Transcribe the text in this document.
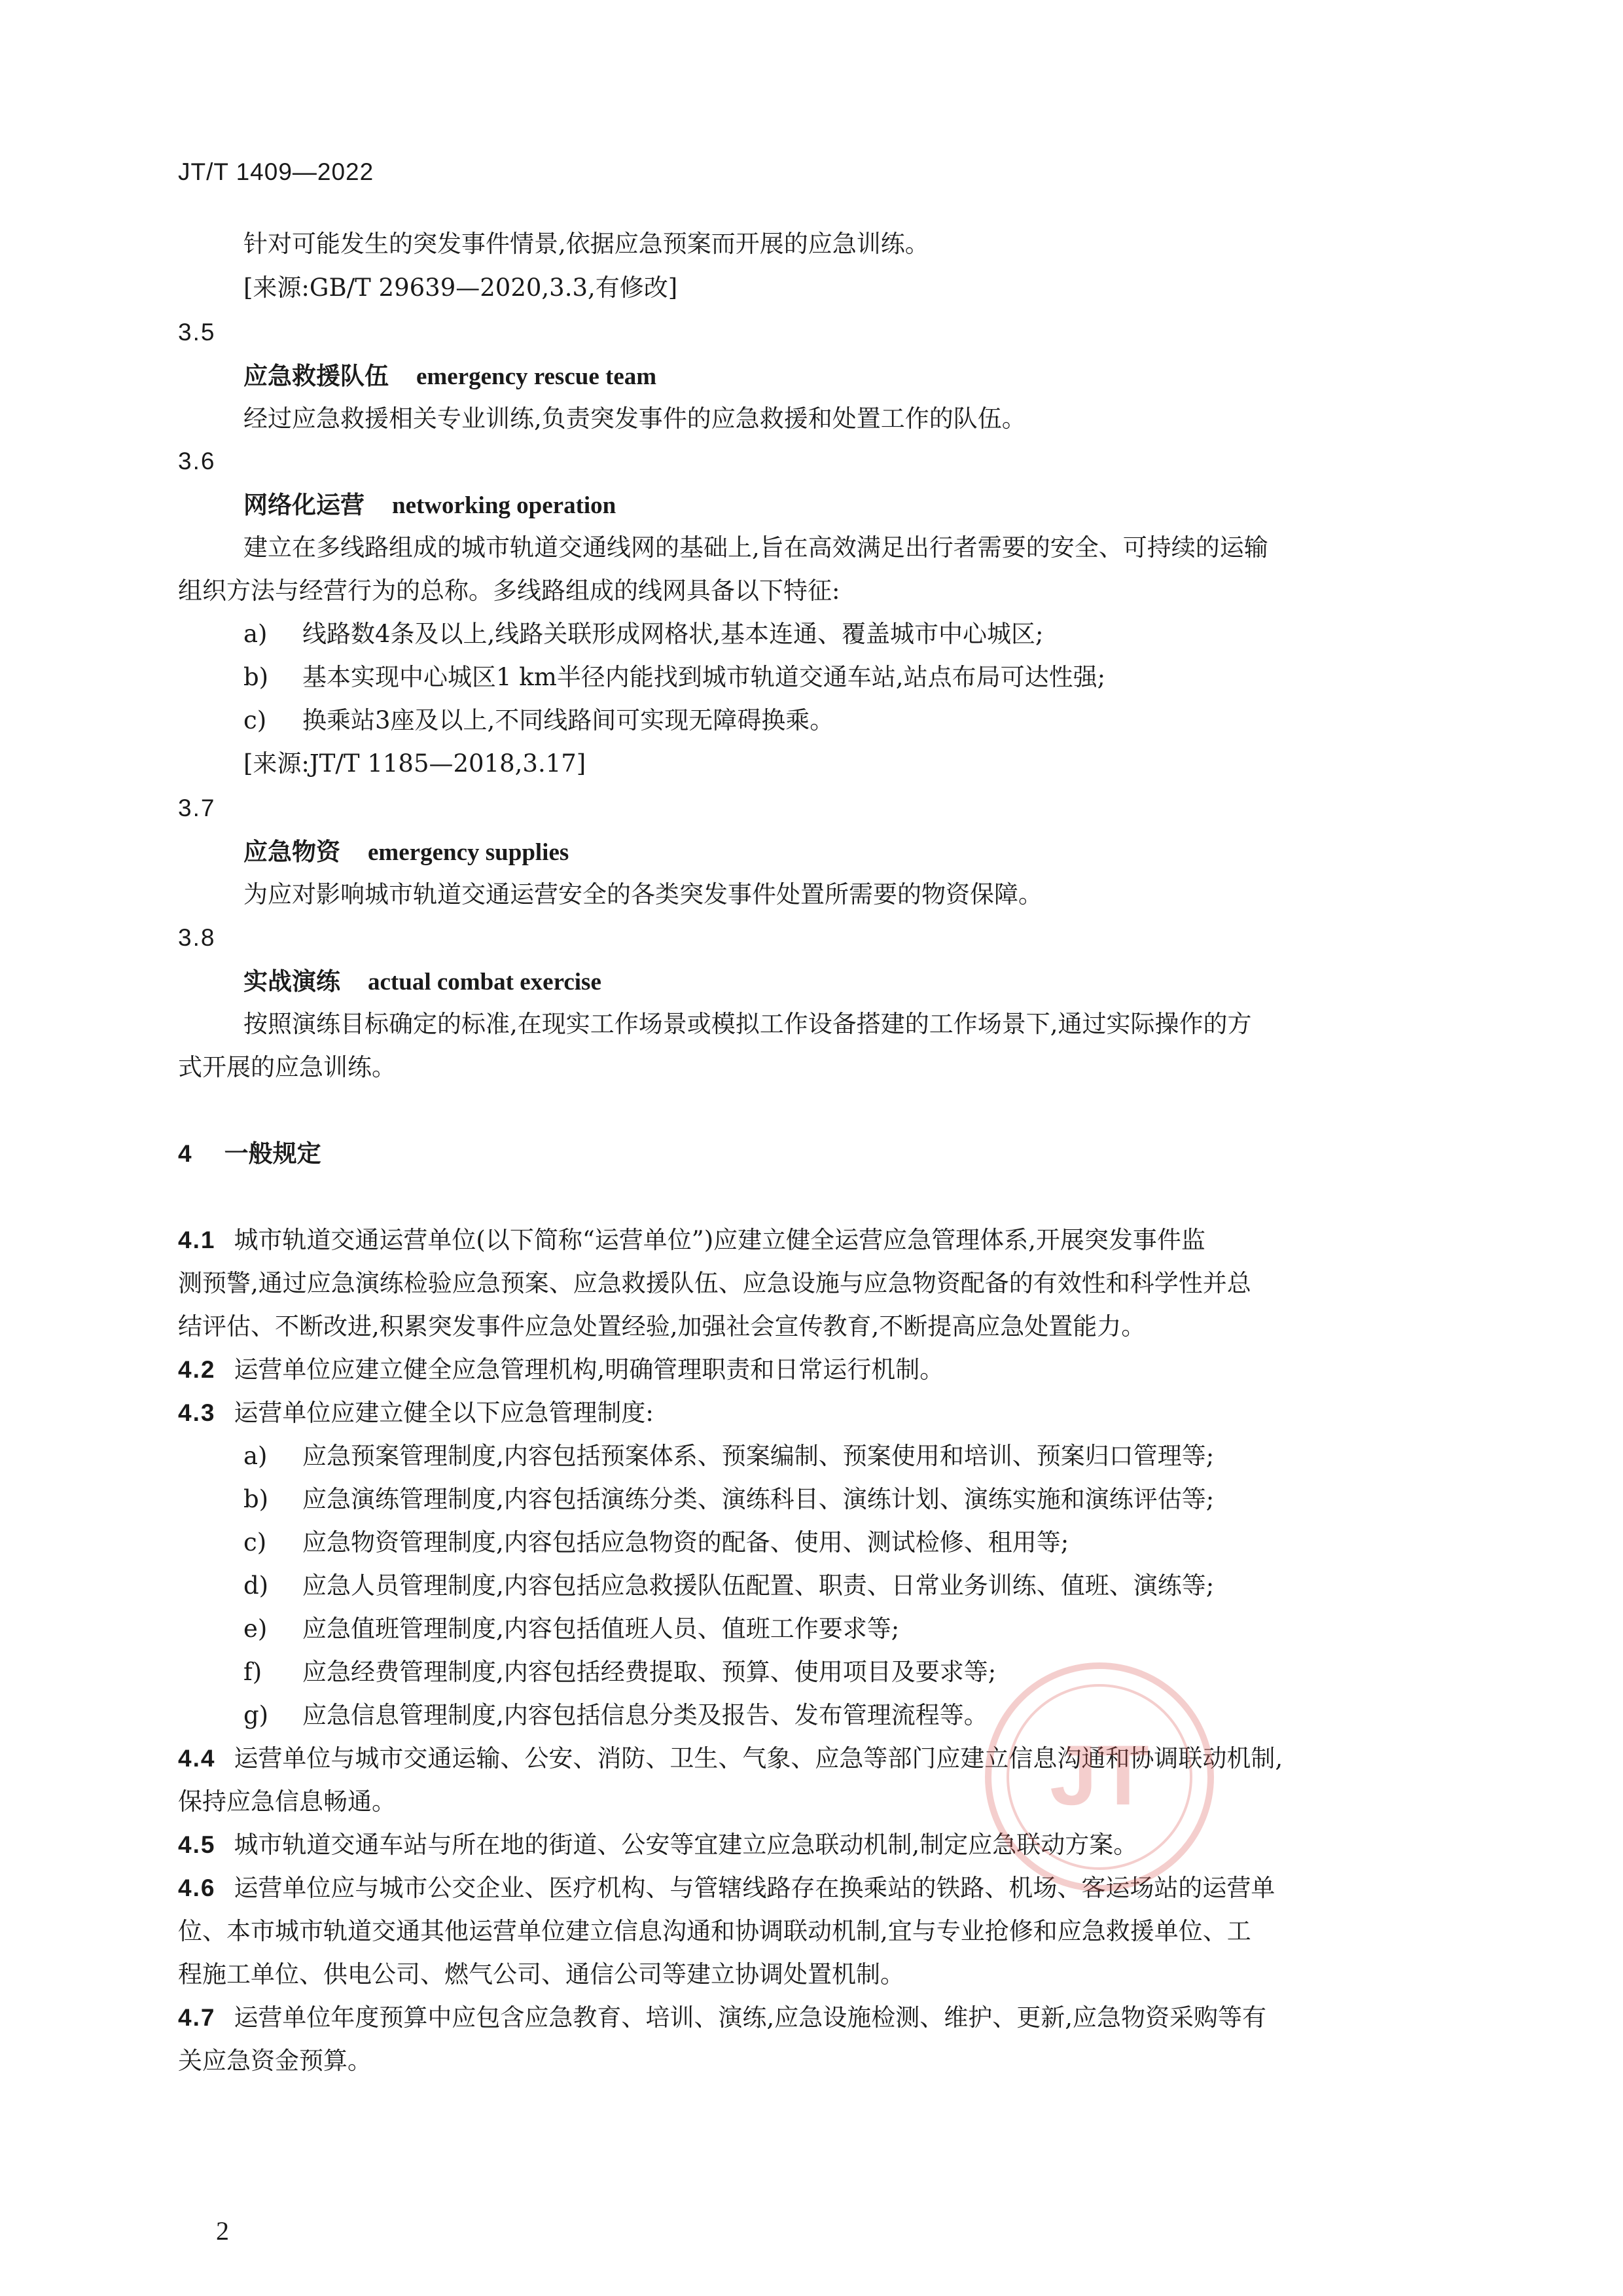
JT/T 1409—2022
针对可能发生的突发事件情景,依据应急预案而开展的应急训练。
[来源:GB/T 29639—2020,3.3,有修改]
3.5
应急救援队伍 emergency rescue team
经过应急救援相关专业训练,负责突发事件的应急救援和处置工作的队伍。
3.6
网络化运营 networking operation
建立在多线路组成的城市轨道交通线网的基础上,旨在高效满足出行者需要的安全、可持续的运输
组织方法与经营行为的总称。多线路组成的线网具备以下特征:
a) 线路数4条及以上,线路关联形成网格状,基本连通、覆盖城市中心城区;
b) 基本实现中心城区1 km半径内能找到城市轨道交通车站,站点布局可达性强;
c) 换乘站3座及以上,不同线路间可实现无障碍换乘。
[来源:JT/T 1185—2018,3.17]
3.7
应急物资 emergency supplies
为应对影响城市轨道交通运营安全的各类突发事件处置所需要的物资保障。
3.8
实战演练 actual combat exercise
按照演练目标确定的标准,在现实工作场景或模拟工作设备搭建的工作场景下,通过实际操作的方
式开展的应急训练。
4 一般规定
4.1 城市轨道交通运营单位(以下简称“运营单位”)应建立健全运营应急管理体系,开展突发事件监
测预警,通过应急演练检验应急预案、应急救援队伍、应急设施与应急物资配备的有效性和科学性并总
结评估、不断改进,积累突发事件应急处置经验,加强社会宣传教育,不断提高应急处置能力。
4.2 运营单位应建立健全应急管理机构,明确管理职责和日常运行机制。
4.3 运营单位应建立健全以下应急管理制度:
a) 应急预案管理制度,内容包括预案体系、预案编制、预案使用和培训、预案归口管理等;
b) 应急演练管理制度,内容包括演练分类、演练科目、演练计划、演练实施和演练评估等;
c) 应急物资管理制度,内容包括应急物资的配备、使用、测试检修、租用等;
d) 应急人员管理制度,内容包括应急救援队伍配置、职责、日常业务训练、值班、演练等;
e) 应急值班管理制度,内容包括值班人员、值班工作要求等;
f) 应急经费管理制度,内容包括经费提取、预算、使用项目及要求等;
g) 应急信息管理制度,内容包括信息分类及报告、发布管理流程等。
4.4 运营单位与城市交通运输、公安、消防、卫生、气象、应急等部门应建立信息沟通和协调联动机制,
保持应急信息畅通。
4.5 城市轨道交通车站与所在地的街道、公安等宜建立应急联动机制,制定应急联动方案。
4.6 运营单位应与城市公交企业、医疗机构、与管辖线路存在换乘站的铁路、机场、客运场站的运营单
位、本市城市轨道交通其他运营单位建立信息沟通和协调联动机制,宜与专业抢修和应急救援单位、工
程施工单位、供电公司、燃气公司、通信公司等建立协调处置机制。
4.7 运营单位年度预算中应包含应急教育、培训、演练,应急设施检测、维护、更新,应急物资采购等有
关应急资金预算。
2
JT
